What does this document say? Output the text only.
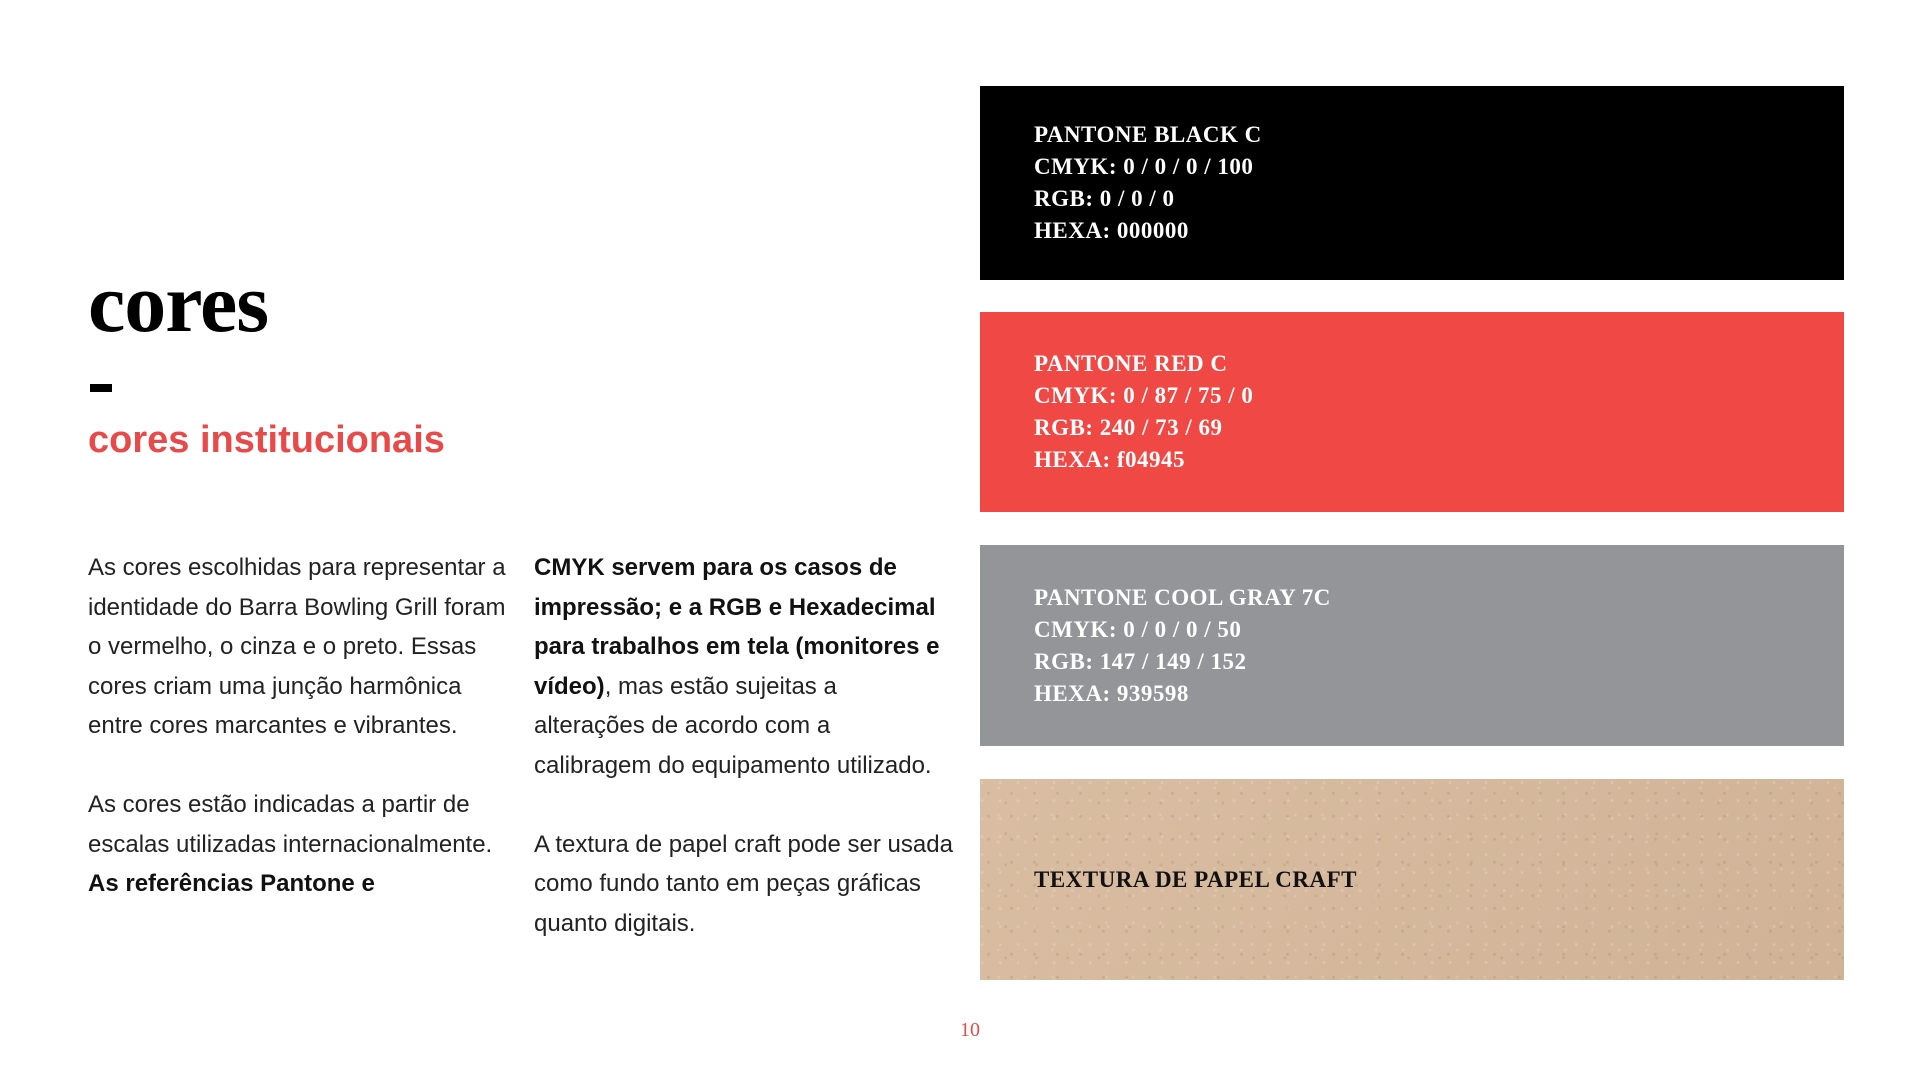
cores
cores institucionais

As cores escolhidas para representar a identidade do Barra Bowling Grill foram o vermelho, o cinza e o preto. Essas cores criam uma junção harmônica entre cores marcantes e vibrantes.

As cores estão indicadas a partir de escalas utilizadas internacionalmente. As referências Pantone e

CMYK servem para os casos de impressão; e a RGB e Hexadecimal para trabalhos em tela (monitores e vídeo), mas estão sujeitas a alterações de acordo com a calibragem do equipamento utilizado.

A textura de papel craft pode ser usada como fundo tanto em peças gráficas quanto digitais.

PANTONE BLACK C
CMYK: 0 / 0 / 0 / 100
RGB: 0 / 0 / 0
HEXA: 000000
PANTONE RED C
CMYK: 0 / 87 / 75 / 0
RGB: 240 / 73 / 69
HEXA: f04945
PANTONE COOL GRAY 7C
CMYK: 0 / 0 / 0 / 50
RGB: 147 / 149 / 152
HEXA: 939598
TEXTURA DE PAPEL CRAFT
10
